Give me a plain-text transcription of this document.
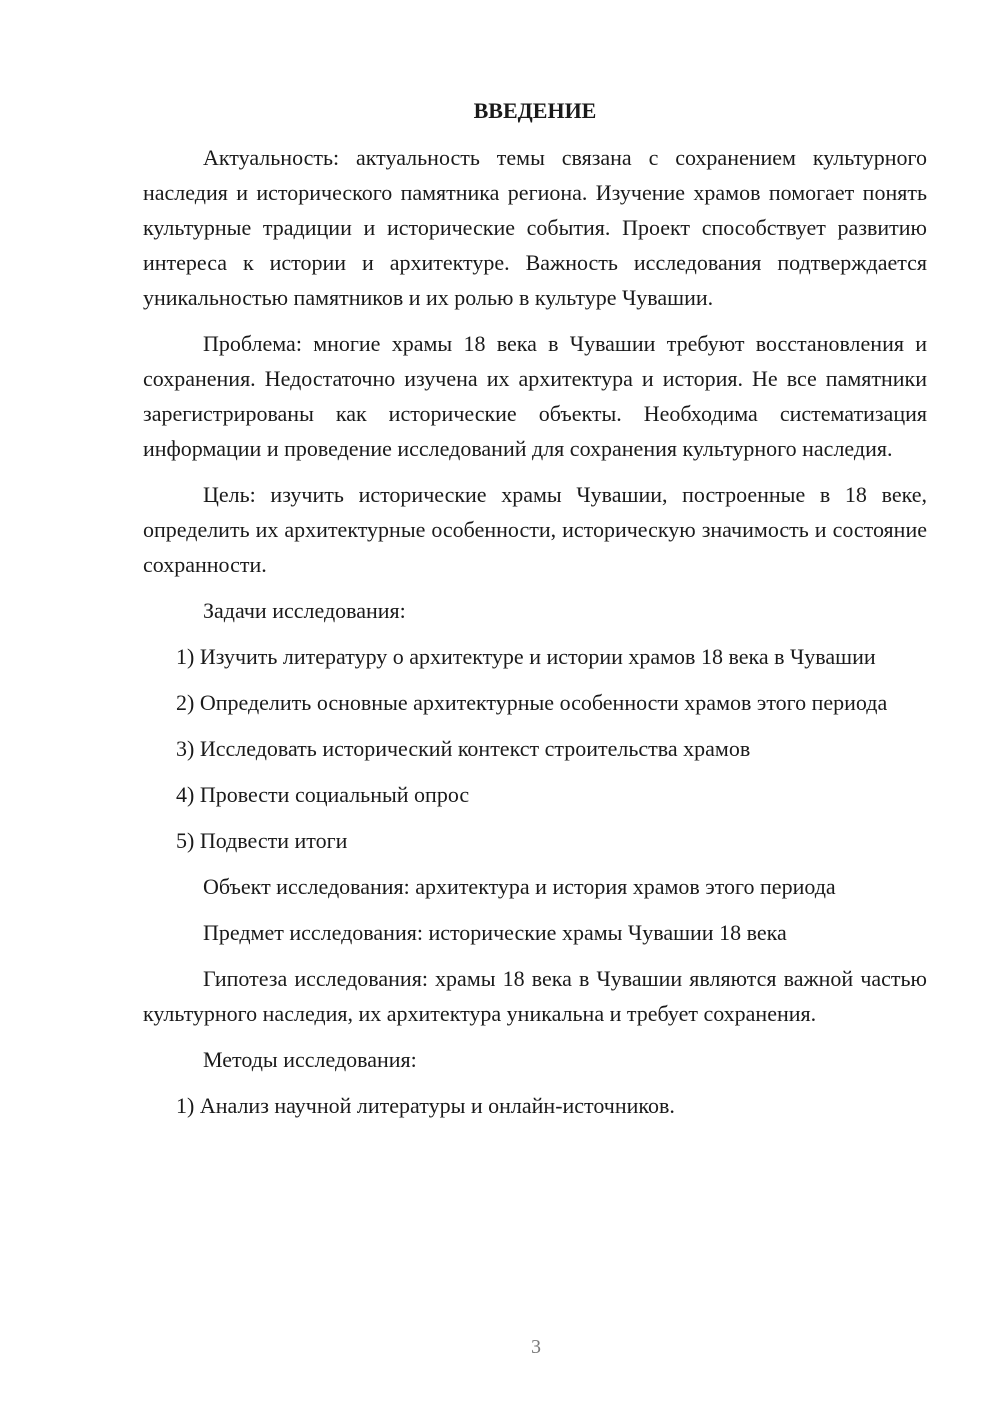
ВВЕДЕНИЕ

Актуальность: актуальность темы связана с сохранением культурного наследия и исторического памятника региона. Изучение храмов помогает понять культурные традиции и исторические события. Проект способствует развитию интереса к истории и архитектуре. Важность исследования подтверждается уникальностью памятников и их ролью в культуре Чувашии.

Проблема: многие храмы 18 века в Чувашии требуют восстановления и сохранения. Недостаточно изучена их архитектура и история. Не все памятники зарегистрированы как исторические объекты. Необходима систематизация информации и проведение исследований для сохранения культурного наследия.

Цель: изучить исторические храмы Чувашии, построенные в 18 веке, определить их архитектурные особенности, историческую значимость и состояние сохранности.

Задачи исследования:

1) Изучить литературу о архитектуре и истории храмов 18 века в Чувашии

2) Определить основные архитектурные особенности храмов этого периода

3) Исследовать исторический контекст строительства храмов

4) Провести социальный опрос

5) Подвести итоги

Объект исследования: архитектура и история храмов этого периода

Предмет исследования: исторические храмы Чувашии 18 века

Гипотеза исследования: храмы 18 века в Чувашии являются важной частью культурного наследия, их архитектура уникальна и требует сохранения.

Методы исследования:

1) Анализ научной литературы и онлайн-источников.

3
